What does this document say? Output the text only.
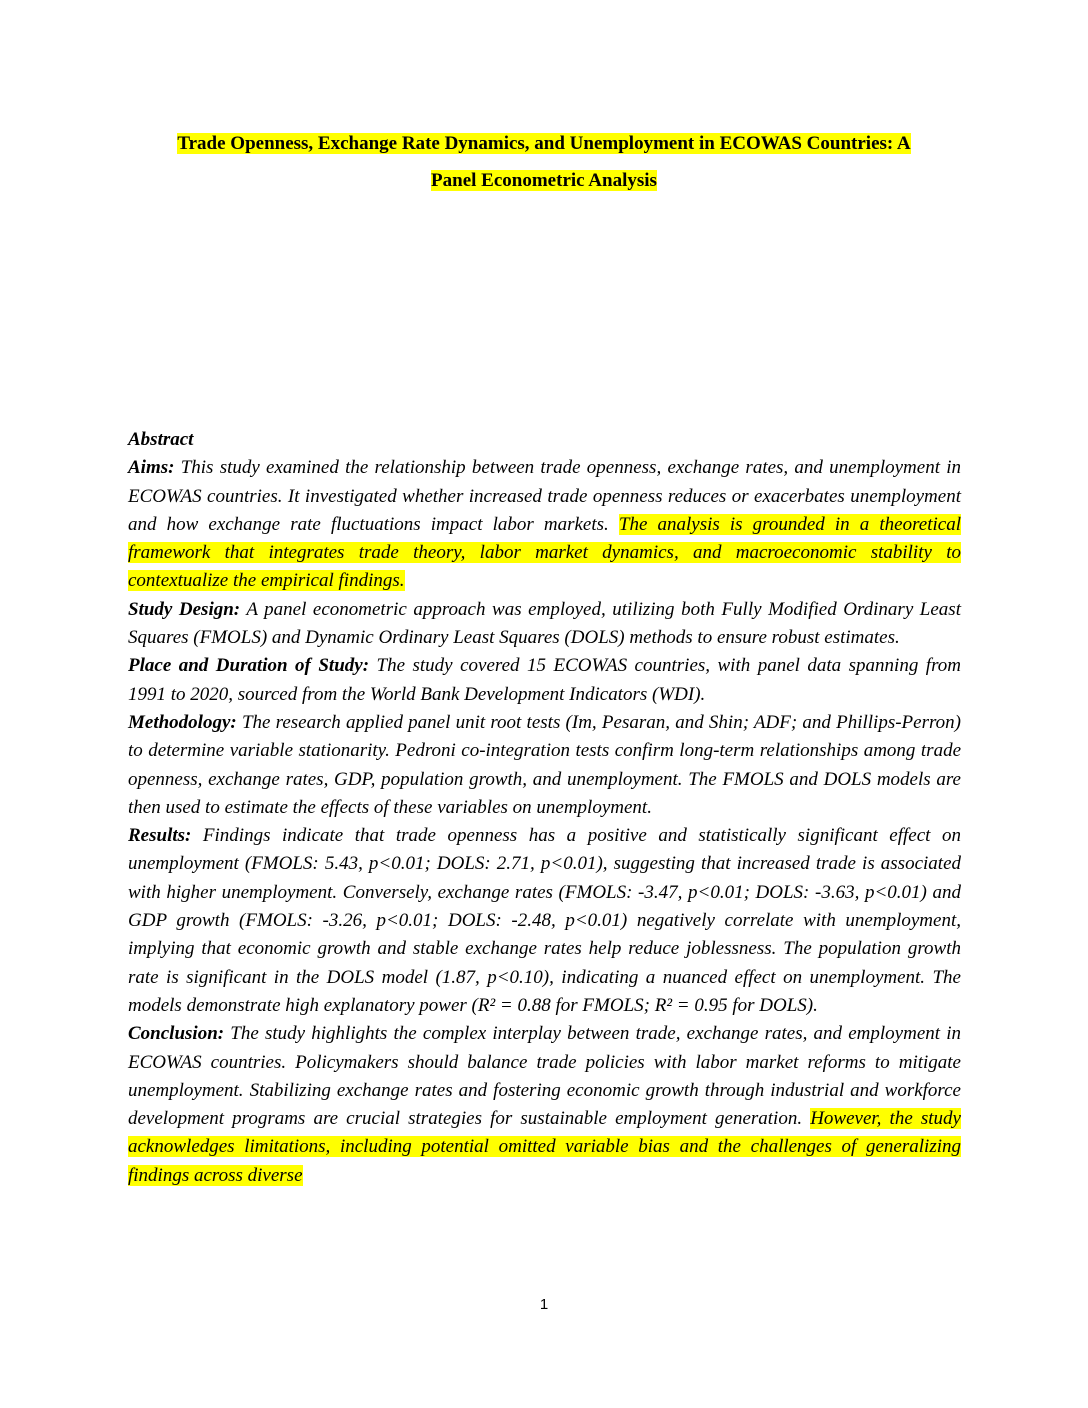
Trade Openness, Exchange Rate Dynamics, and Unemployment in ECOWAS Countries: A
Panel Econometric Analysis

Abstract

Aims: This study examined the relationship between trade openness, exchange rates, and unemployment in ECOWAS countries. It investigated whether increased trade openness reduces or exacerbates unemployment and how exchange rate fluctuations impact labor markets. The analysis is grounded in a theoretical framework that integrates trade theory, labor market dynamics, and macroeconomic stability to contextualize the empirical findings.

Study Design: A panel econometric approach was employed, utilizing both Fully Modified Ordinary Least Squares (FMOLS) and Dynamic Ordinary Least Squares (DOLS) methods to ensure robust estimates.

Place and Duration of Study: The study covered 15 ECOWAS countries, with panel data spanning from 1991 to 2020, sourced from the World Bank Development Indicators (WDI).

Methodology: The research applied panel unit root tests (Im, Pesaran, and Shin; ADF; and Phillips-Perron) to determine variable stationarity. Pedroni co-integration tests confirm long-term relationships among trade openness, exchange rates, GDP, population growth, and unemployment. The FMOLS and DOLS models are then used to estimate the effects of these variables on unemployment.

Results: Findings indicate that trade openness has a positive and statistically significant effect on unemployment (FMOLS: 5.43, p<0.01; DOLS: 2.71, p<0.01), suggesting that increased trade is associated with higher unemployment. Conversely, exchange rates (FMOLS: -3.47, p<0.01; DOLS: -3.63, p<0.01) and GDP growth (FMOLS: -3.26, p<0.01; DOLS: -2.48, p<0.01) negatively correlate with unemployment, implying that economic growth and stable exchange rates help reduce joblessness. The population growth rate is significant in the DOLS model (1.87, p<0.10), indicating a nuanced effect on unemployment. The models demonstrate high explanatory power (R² = 0.88 for FMOLS; R² = 0.95 for DOLS).

Conclusion: The study highlights the complex interplay between trade, exchange rates, and employment in ECOWAS countries. Policymakers should balance trade policies with labor market reforms to mitigate unemployment. Stabilizing exchange rates and fostering economic growth through industrial and workforce development programs are crucial strategies for sustainable employment generation. However, the study acknowledges limitations, including potential omitted variable bias and the challenges of generalizing findings across diverse

1
